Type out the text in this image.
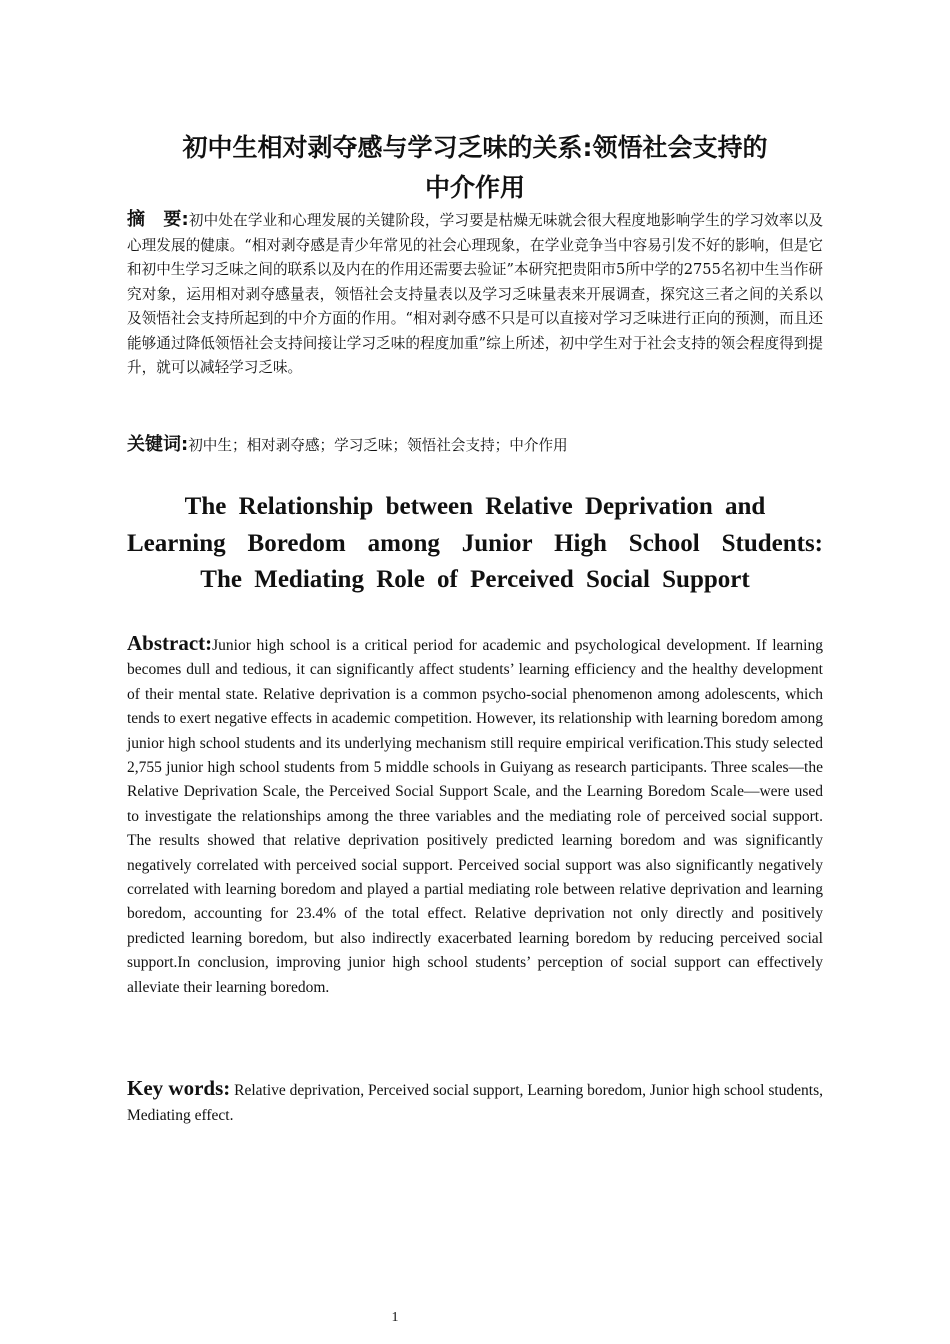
初中生相对剥夺感与学习乏味的关系:领悟社会支持的
中介作用

摘　要:初中处在学业和心理发展的关键阶段，学习要是枯燥无味就会很大程度地影响学生的学习效率以及心理发展的健康。“相对剥夺感是青少年常见的社会心理现象，在学业竞争当中容易引发不好的影响，但是它和初中生学习乏味之间的联系以及内在的作用还需要去验证”本研究把贵阳市5所中学的2755名初中生当作研究对象，运用相对剥夺感量表，领悟社会支持量表以及学习乏味量表来开展调查，探究这三者之间的关系以及领悟社会支持所起到的中介方面的作用。“相对剥夺感不只是可以直接对学习乏味进行正向的预测，而且还能够通过降低领悟社会支持间接让学习乏味的程度加重”综上所述，初中学生对于社会支持的领会程度得到提升，就可以减轻学习乏味。

关键词:初中生；相对剥夺感；学习乏味；领悟社会支持；中介作用

The Relationship between Relative Deprivation and
Learning Boredom among Junior High School Students:
The Mediating Role of Perceived Social Support

Abstract:Junior high school is a critical period for academic and psychological development. If learning becomes dull and tedious, it can significantly affect students’ learning efficiency and the healthy development of their mental state. Relative deprivation is a common psycho-social phenomenon among adolescents, which tends to exert negative effects in academic competition. However, its relationship with learning boredom among junior high school students and its underlying mechanism still require empirical verification.This study selected 2,755 junior high school students from 5 middle schools in Guiyang as research participants. Three scales—the Relative Deprivation Scale, the Perceived Social Support Scale, and the Learning Boredom Scale—were used to investigate the relationships among the three variables and the mediating role of perceived social support. The results showed that relative deprivation positively predicted learning boredom and was significantly negatively correlated with perceived social support. Perceived social support was also significantly negatively correlated with learning boredom and played a partial mediating role between relative deprivation and learning boredom, accounting for 23.4% of the total effect. Relative deprivation not only directly and positively predicted learning boredom, but also indirectly exacerbated learning boredom by reducing perceived social support.In conclusion, improving junior high school students’ perception of social support can effectively alleviate their learning boredom.

Key words: Relative deprivation, Perceived social support, Learning boredom, Junior high school students, Mediating effect.

1
